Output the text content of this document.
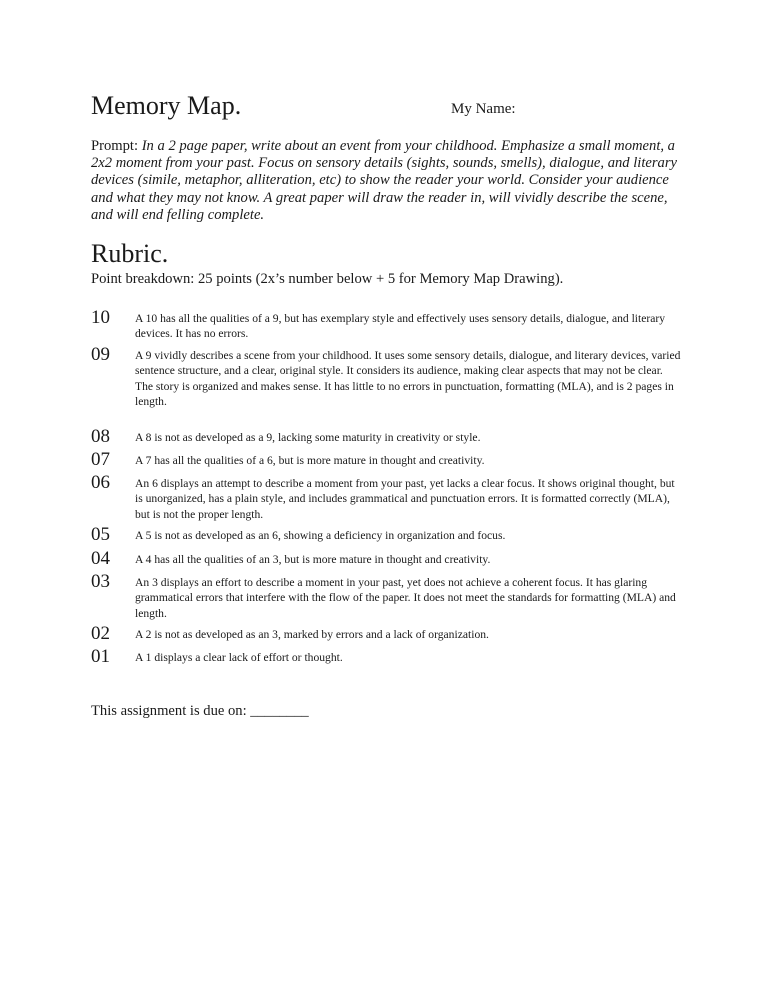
Memory Map.	My Name:

Prompt: In a 2 page paper, write about an event from your childhood. Emphasize a small moment, a 2x2 moment from your past. Focus on sensory details (sights, sounds, smells), dialogue, and literary devices (simile, metaphor, alliteration, etc) to show the reader your world. Consider your audience and what they may not know. A great paper will draw the reader in, will vividly describe the scene, and will end felling complete.

Rubric.

Point breakdown: 25 points (2x’s number below + 5 for Memory Map Drawing).

10 A 10 has all the qualities of a 9, but has exemplary style and effectively uses sensory details, dialogue, and literary devices. It has no errors.

09 A 9 vividly describes a scene from your childhood. It uses some sensory details, dialogue, and literary devices, varied sentence structure, and a clear, original style. It considers its audience, making clear aspects that may not be clear. The story is organized and makes sense. It has little to no errors in punctuation, formatting (MLA), and is 2 pages in length.

08 A 8 is not as developed as a 9, lacking some maturity in creativity or style.

07 A 7 has all the qualities of a 6, but is more mature in thought and creativity.

06 An 6 displays an attempt to describe a moment from your past, yet lacks a clear focus. It shows original thought, but is unorganized, has a plain style, and includes grammatical and punctuation errors. It is formatted correctly (MLA), but is not the proper length.

05 A 5 is not as developed as an 6, showing a deficiency in organization and focus.

04 A 4 has all the qualities of an 3, but is more mature in thought and creativity.

03 An 3 displays an effort to describe a moment in your past, yet does not achieve a coherent focus. It has glaring grammatical errors that interfere with the flow of the paper. It does not meet the standards for formatting (MLA) and length.

02 A 2 is not as developed as an 3, marked by errors and a lack of organization.

01 A 1 displays a clear lack of effort or thought.

This assignment is due on: ________
